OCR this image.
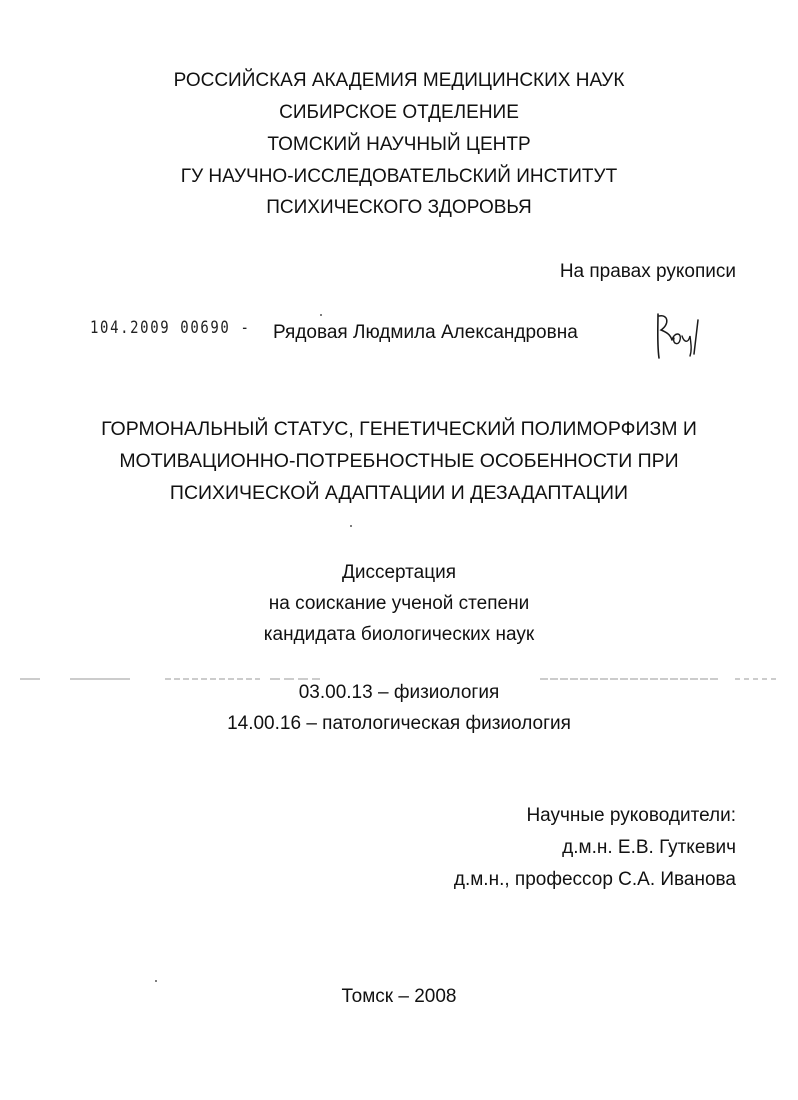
РОССИЙСКАЯ АКАДЕМИЯ МЕДИЦИНСКИХ НАУК
СИБИРСКОЕ ОТДЕЛЕНИЕ
ТОМСКИЙ НАУЧНЫЙ ЦЕНТР
ГУ НАУЧНО-ИССЛЕДОВАТЕЛЬСКИЙ ИНСТИТУТ
ПСИХИЧЕСКОГО ЗДОРОВЬЯ
На правах рукописи
104.2009 00690 - Рядовая Людмила Александровна
ГОРМОНАЛЬНЫЙ СТАТУС, ГЕНЕТИЧЕСКИЙ ПОЛИМОРФИЗМ И
МОТИВАЦИОННО-ПОТРЕБНОСТНЫЕ ОСОБЕННОСТИ ПРИ
ПСИХИЧЕСКОЙ АДАПТАЦИИ И ДЕЗАДАПТАЦИИ
Диссертация
на соискание ученой степени
кандидата биологических наук
03.00.13 – физиология
14.00.16 – патологическая физиология
Научные руководители:
д.м.н. Е.В. Гуткевич
д.м.н., профессор С.А. Иванова
Томск – 2008
